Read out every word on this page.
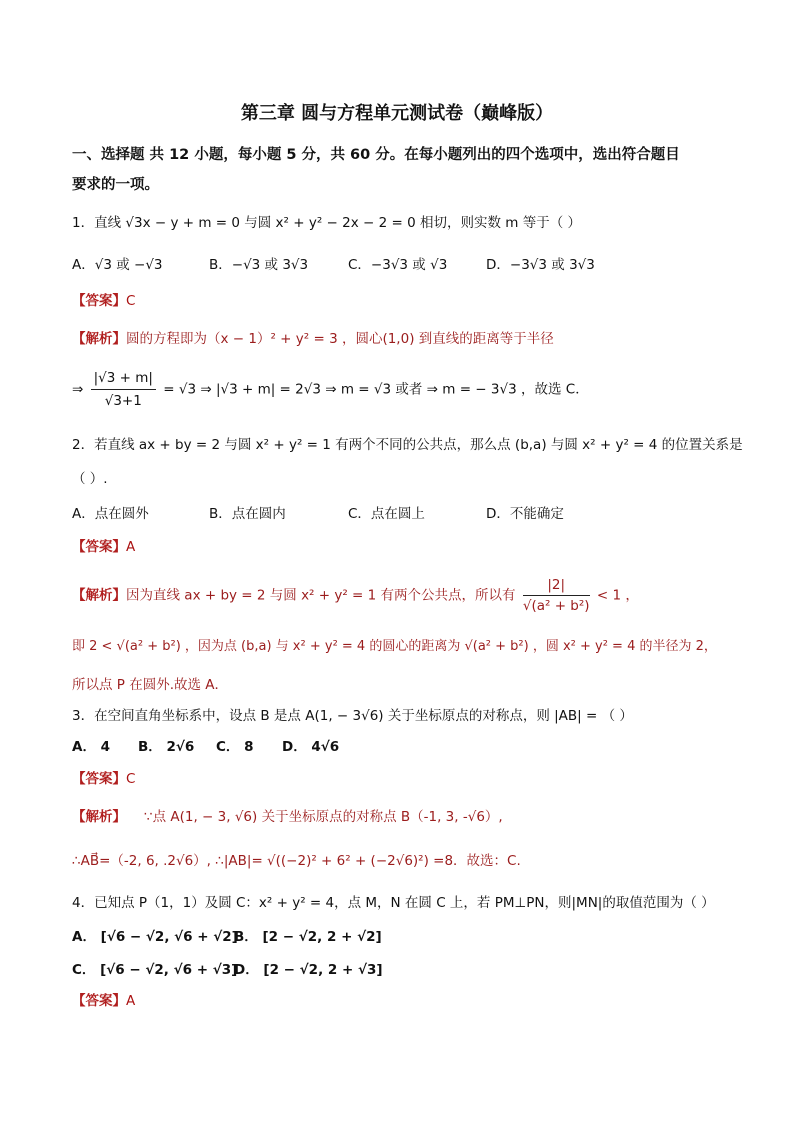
第三章 圆与方程单元测试卷（巅峰版）
一、选择题 共 12 小题，每小题 5 分，共 60 分。在每小题列出的四个选项中，选出符合题目
要求的一项。
1．直线 √3x − y + m = 0 与圆 x² + y² − 2x − 2 = 0 相切，则实数 m 等于（ ）
A．√3 或 −√3	B．−√3 或 3√3	C．−3√3 或 √3	D．−3√3 或 3√3
【答案】C
【解析】圆的方程即为（x − 1）² + y² = 3 ，圆心(1,0) 到直线的距离等于半径
⇒ $\frac{|√3 + m|}{√3+1} = √3$ ⇒ |√3 + m| = 2√3 ⇒ m = √3 或者 ⇒ m = − 3√3 ，故选 C．
2．若直线 ax + by = 2 与圆 x² + y² = 1 有两个不同的公共点，那么点 (b,a) 与圆 x² + y² = 4 的位置关系是
（ ）.
A．点在圆外	B．点在圆内	C．点在圆上	D．不能确定
【答案】A
【解析】因为直线 ax + by = 2 与圆 x² + y² = 1 有两个公共点，所以有 $\frac{|2|}{\text{√(a² + b²)}} < 1$ ，
即 2 < √(a² + b²) ，因为点 (b,a) 与 x² + y² = 4 的圆心的距离为 √(a² + b²) ，圆 x² + y² = 4 的半径为 2，
所以点 P 在圆外.故选 A．
3．在空间直角坐标系中，设点 B 是点 A(1, − 3√6) 关于坐标原点的对称点，则 |AB| = （ ）
A． 4 B． 2√6 C． 8 D． 4√6
【答案】C
【解析】 ∵点 A(1, − 3, √6) 关于坐标原点的对称点 B（-1, 3, -√6）,
∴AB⃗=（-2, 6, .2√6）, ∴|AB|= √((−2)² + 6² + (−2√6)²) =8．故选：C.
4．已知点 P（1，1）及圆 C：x² + y² = 4，点 M，N 在圆 C 上，若 PM⊥PN，则|MN|的取值范围为（ ）
A． [√6 − √2, √6 + √2]
B． [2 − √2, 2 + √2]
C． [√6 − √2, √6 + √3]
D． [2 − √2, 2 + √3]
【答案】A
